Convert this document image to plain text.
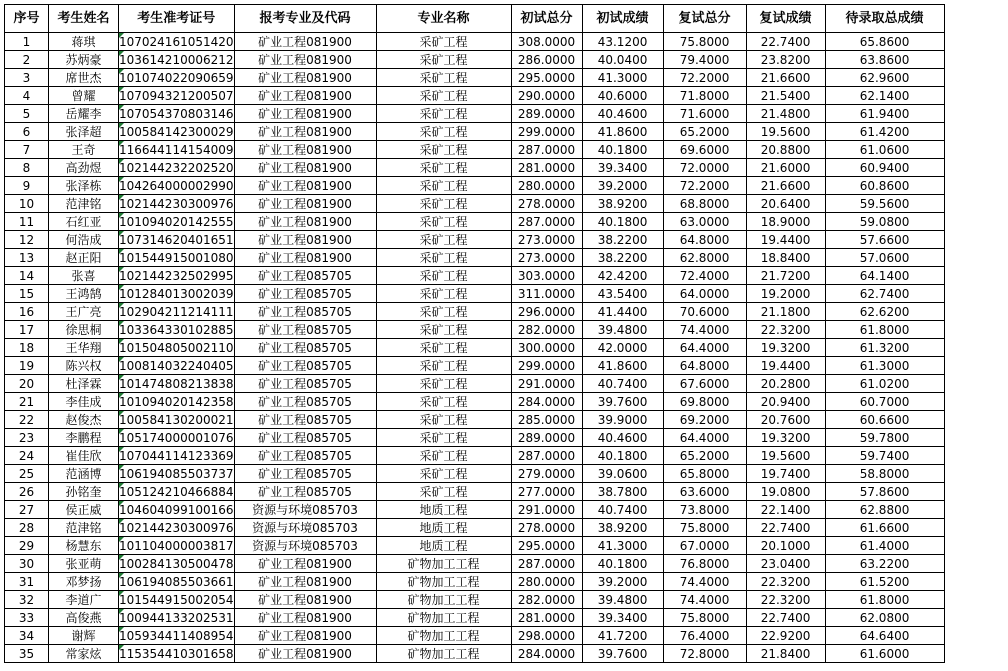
序号	考生姓名	考生准考证号	报考专业及代码	专业名称	初试总分	初试成绩	复试总分	复试成绩	待录取总成绩
1	蒋琪	107024161051420	矿业工程081900	采矿工程	308.0000	43.1200	75.8000	22.7400	65.8600
2	苏炳豪	103614210006212	矿业工程081900	采矿工程	286.0000	40.0400	79.4000	23.8200	63.8600
3	席世杰	101074022090659	矿业工程081900	采矿工程	295.0000	41.3000	72.2000	21.6600	62.9600
4	曾耀	107094321200507	矿业工程081900	采矿工程	290.0000	40.6000	71.8000	21.5400	62.1400
5	岳耀李	107054370803146	矿业工程081900	采矿工程	289.0000	40.4600	71.6000	21.4800	61.9400
6	张泽超	100584142300029	矿业工程081900	采矿工程	299.0000	41.8600	65.2000	19.5600	61.4200
7	王奇	116644114154009	矿业工程081900	采矿工程	287.0000	40.1800	69.6000	20.8800	61.0600
8	高劲煜	102144232202520	矿业工程081900	采矿工程	281.0000	39.3400	72.0000	21.6000	60.9400
9	张泽栋	104264000002990	矿业工程081900	采矿工程	280.0000	39.2000	72.2000	21.6600	60.8600
10	范津铭	102144230300976	矿业工程081900	采矿工程	278.0000	38.9200	68.8000	20.6400	59.5600
11	石红亚	101094020142555	矿业工程081900	采矿工程	287.0000	40.1800	63.0000	18.9000	59.0800
12	何浩成	107314620401651	矿业工程081900	采矿工程	273.0000	38.2200	64.8000	19.4400	57.6600
13	赵正阳	101544915001080	矿业工程081900	采矿工程	273.0000	38.2200	62.8000	18.8400	57.0600
14	张喜	102144232502995	矿业工程085705	采矿工程	303.0000	42.4200	72.4000	21.7200	64.1400
15	王鸿鹄	101284013002039	矿业工程085705	采矿工程	311.0000	43.5400	64.0000	19.2000	62.7400
16	王广亮	102904211214111	矿业工程085705	采矿工程	296.0000	41.4400	70.6000	21.1800	62.6200
17	徐思桐	103364330102885	矿业工程085705	采矿工程	282.0000	39.4800	74.4000	22.3200	61.8000
18	王华翔	101504805002110	矿业工程085705	采矿工程	300.0000	42.0000	64.4000	19.3200	61.3200
19	陈兴权	100814032240405	矿业工程085705	采矿工程	299.0000	41.8600	64.8000	19.4400	61.3000
20	杜泽霖	101474808213838	矿业工程085705	采矿工程	291.0000	40.7400	67.6000	20.2800	61.0200
21	李佳成	101094020142358	矿业工程085705	采矿工程	284.0000	39.7600	69.8000	20.9400	60.7000
22	赵俊杰	100584130200021	矿业工程085705	采矿工程	285.0000	39.9000	69.2000	20.7600	60.6600
23	李鹏程	105174000001076	矿业工程085705	采矿工程	289.0000	40.4600	64.4000	19.3200	59.7800
24	崔佳欣	107044114123369	矿业工程085705	采矿工程	287.0000	40.1800	65.2000	19.5600	59.7400
25	范涵博	106194085503737	矿业工程085705	采矿工程	279.0000	39.0600	65.8000	19.7400	58.8000
26	孙铭奎	105124210466884	矿业工程085705	采矿工程	277.0000	38.7800	63.6000	19.0800	57.8600
27	侯正威	104604099100166	资源与环境085703	地质工程	291.0000	40.7400	73.8000	22.1400	62.8800
28	范津铭	102144230300976	资源与环境085703	地质工程	278.0000	38.9200	75.8000	22.7400	61.6600
29	杨慧东	101104000003817	资源与环境085703	地质工程	295.0000	41.3000	67.0000	20.1000	61.4000
30	张亚萌	100284130500478	矿业工程081900	矿物加工工程	287.0000	40.1800	76.8000	23.0400	63.2200
31	邓梦扬	106194085503661	矿业工程081900	矿物加工工程	280.0000	39.2000	74.4000	22.3200	61.5200
32	李道广	101544915002054	矿业工程081900	矿物加工工程	282.0000	39.4800	74.4000	22.3200	61.8000
33	高俊燕	100944133202531	矿业工程081900	矿物加工工程	281.0000	39.3400	75.8000	22.7400	62.0800
34	谢辉	105934411408954	矿业工程081900	矿物加工工程	298.0000	41.7200	76.4000	22.9200	64.6400
35	常家炫	115354410301658	矿业工程081900	矿物加工工程	284.0000	39.7600	72.8000	21.8400	61.6000
